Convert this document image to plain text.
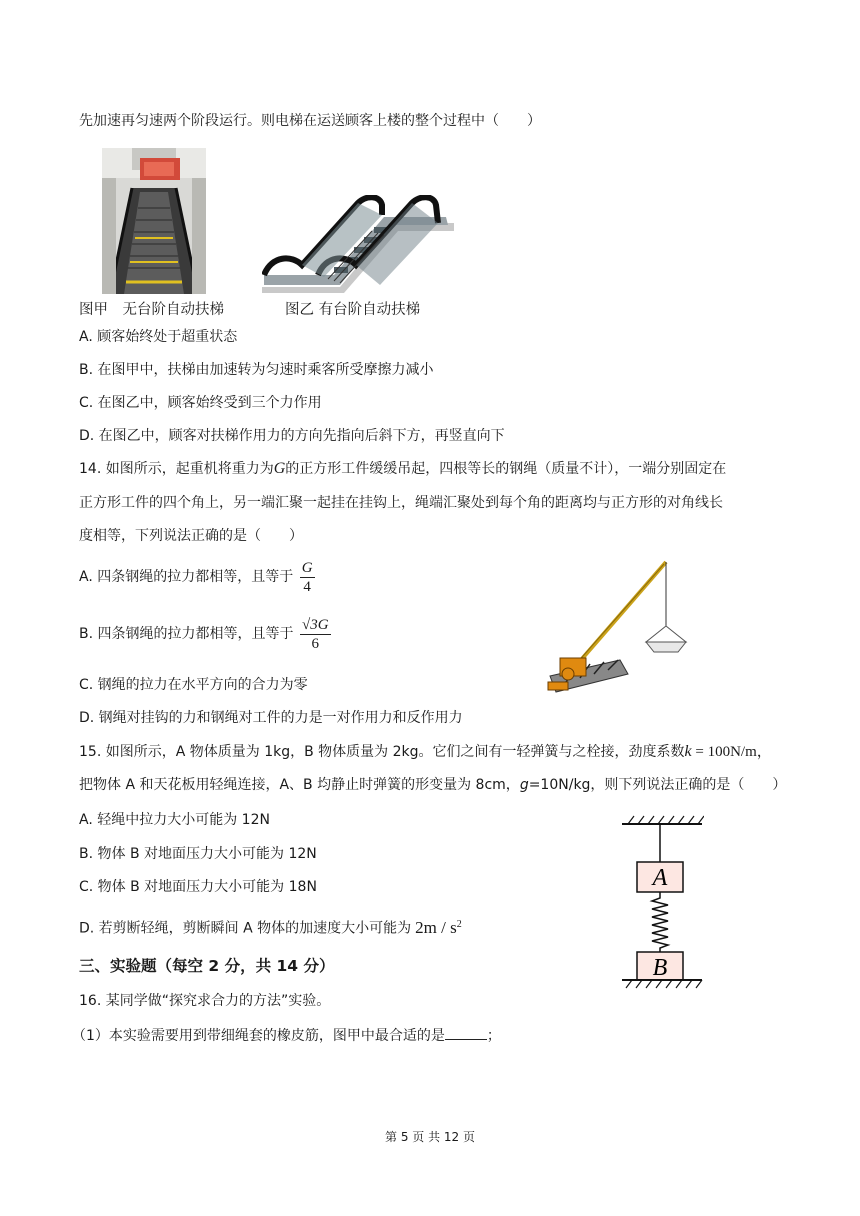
先加速再匀速两个阶段运行。则电梯在运送顾客上楼的整个过程中（　　）
图甲　无台阶自动扶梯	图乙 有台阶自动扶梯
A. 顾客始终处于超重状态
B. 在图甲中，扶梯由加速转为匀速时乘客所受摩擦力减小
C. 在图乙中，顾客始终受到三个力作用
D. 在图乙中，顾客对扶梯作用力的方向先指向后斜下方，再竖直向下
14. 如图所示，起重机将重力为G的正方形工件缓缓吊起，四根等长的钢绳（质量不计），一端分别固定在
正方形工件的四个角上，另一端汇聚一起挂在挂钩上，绳端汇聚处到每个角的距离均与正方形的对角线长
度相等，下列说法正确的是（　　）
A. 四条钢绳的拉力都相等，且等于 $\frac{G}{4}$
B. 四条钢绳的拉力都相等，且等于 $\frac{√3G}{6}$
C. 钢绳的拉力在水平方向的合力为零
D. 钢绳对挂钩的力和钢绳对工件的力是一对作用力和反作用力
15. 如图所示，A 物体质量为 1kg，B 物体质量为 2kg。它们之间有一轻弹簧与之栓接，劲度系数k = 100N/m，
把物体 A 和天花板用轻绳连接，A、B 均静止时弹簧的形变量为 8cm，g=10N/kg，则下列说法正确的是（　　）
A. 轻绳中拉力大小可能为 12N
B. 物体 B 对地面压力大小可能为 12N
C. 物体 B 对地面压力大小可能为 18N
D. 若剪断轻绳，剪断瞬间 A 物体的加速度大小可能为 $2m / s^2$
A
B
三、实验题（每空 2 分，共 14 分）
16. 某同学做“探究求合力的方法”实验。
（1）本实验需要用到带细绳套的橡皮筋，图甲中最合适的是	；
第 5 页 共 12 页
